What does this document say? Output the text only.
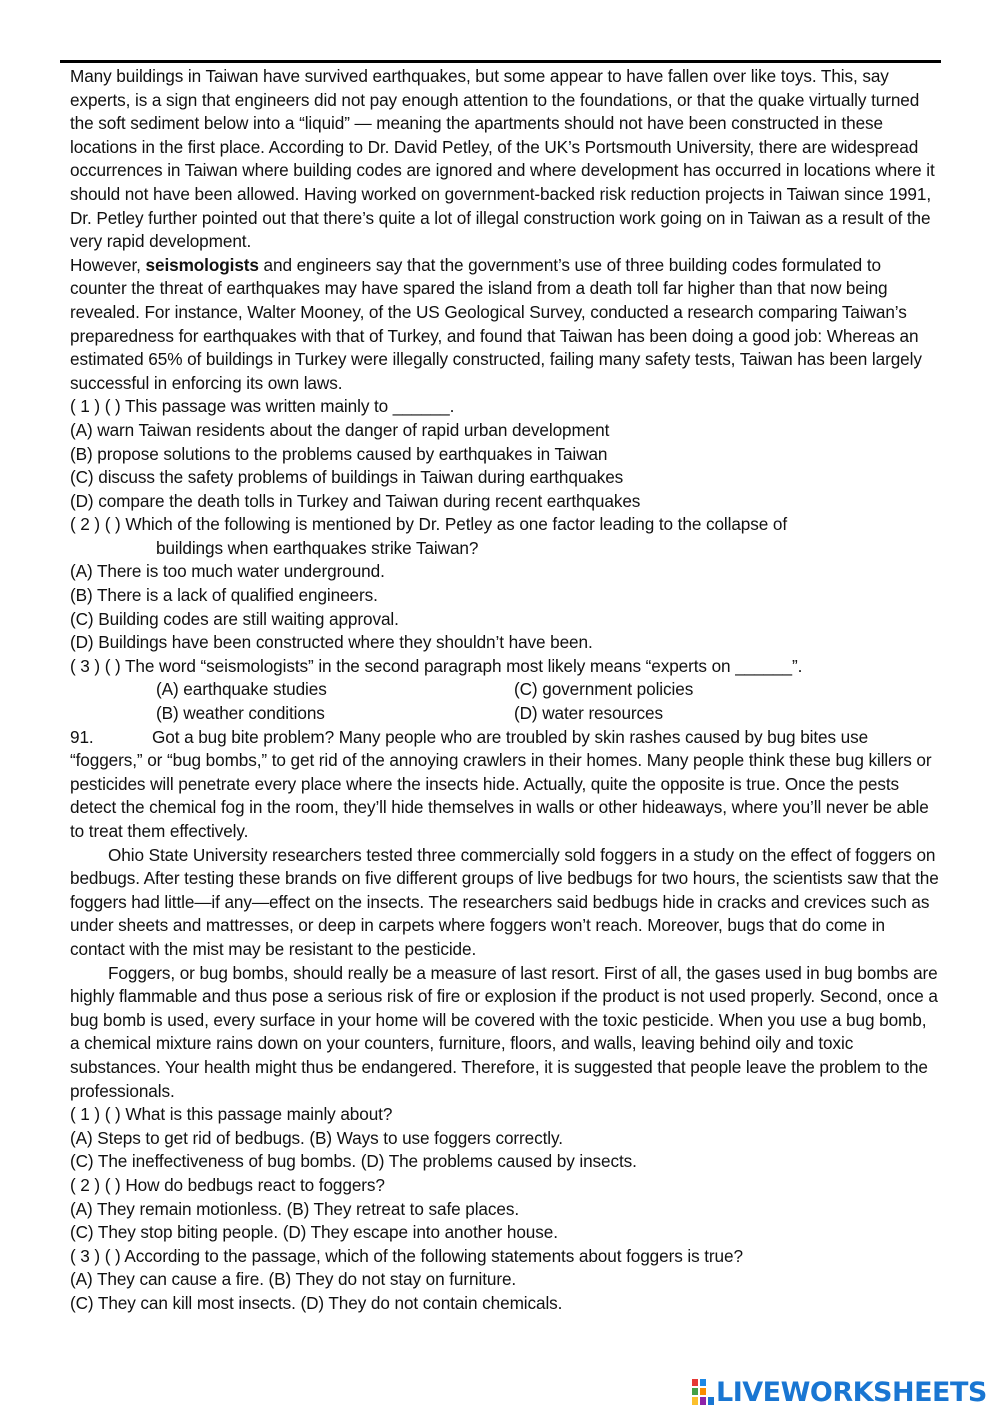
Many buildings in Taiwan have survived earthquakes, but some appear to have fallen over like toys. This, say experts, is a sign that engineers did not pay enough attention to the foundations, or that the quake virtually turned the soft sediment below into a “liquid” — meaning the apartments should not have been constructed in these locations in the first place. According to Dr. David Petley, of the UK’s Portsmouth University, there are widespread occurrences in Taiwan where building codes are ignored and where development has occurred in locations where it should not have been allowed. Having worked on government-backed risk reduction projects in Taiwan since 1991, Dr. Petley further pointed out that there’s quite a lot of illegal construction work going on in Taiwan as a result of the very rapid development.
However, seismologists and engineers say that the government’s use of three building codes formulated to counter the threat of earthquakes may have spared the island from a death toll far higher than that now being revealed. For instance, Walter Mooney, of the US Geological Survey, conducted a research comparing Taiwan’s preparedness for earthquakes with that of Turkey, and found that Taiwan has been doing a good job: Whereas an estimated 65% of buildings in Turkey were illegally constructed, failing many safety tests, Taiwan has been largely successful in enforcing its own laws.
( 1 ) ( ) This passage was written mainly to ______.
(A) warn Taiwan residents about the danger of rapid urban development
(B) propose solutions to the problems caused by earthquakes in Taiwan
(C) discuss the safety problems of buildings in Taiwan during earthquakes
(D) compare the death tolls in Turkey and Taiwan during recent earthquakes
( 2 ) ( ) Which of the following is mentioned by Dr. Petley as one factor leading to the collapse of
buildings when earthquakes strike Taiwan?
(A) There is too much water underground.
(B) There is a lack of qualified engineers.
(C) Building codes are still waiting approval.
(D) Buildings have been constructed where they shouldn’t have been.
( 3 ) ( ) The word “seismologists” in the second paragraph most likely means “experts on ______”.
(A) earthquake studies	(C) government policies
(B) weather conditions	(D) water resources
91.	Got a bug bite problem? Many people who are troubled by skin rashes caused by bug bites use “foggers,” or “bug bombs,” to get rid of the annoying crawlers in their homes. Many people think these bug killers or pesticides will penetrate every place where the insects hide. Actually, quite the opposite is true. Once the pests detect the chemical fog in the room, they’ll hide themselves in walls or other hideaways, where you’ll never be able to treat them effectively.
Ohio State University researchers tested three commercially sold foggers in a study on the effect of foggers on bedbugs. After testing these brands on five different groups of live bedbugs for two hours, the scientists saw that the foggers had little—if any—effect on the insects. The researchers said bedbugs hide in cracks and crevices such as under sheets and mattresses, or deep in carpets where foggers won’t reach. Moreover, bugs that do come in contact with the mist may be resistant to the pesticide.
Foggers, or bug bombs, should really be a measure of last resort. First of all, the gases used in bug bombs are highly flammable and thus pose a serious risk of fire or explosion if the product is not used properly. Second, once a bug bomb is used, every surface in your home will be covered with the toxic pesticide. When you use a bug bomb, a chemical mixture rains down on your counters, furniture, floors, and walls, leaving behind oily and toxic substances. Your health might thus be endangered. Therefore, it is suggested that people leave the problem to the professionals.
( 1 ) ( ) What is this passage mainly about?
(A) Steps to get rid of bedbugs. (B) Ways to use foggers correctly.
(C) The ineffectiveness of bug bombs. (D) The problems caused by insects.
( 2 ) ( ) How do bedbugs react to foggers?
(A) They remain motionless. (B) They retreat to safe places.
(C) They stop biting people. (D) They escape into another house.
( 3 ) ( ) According to the passage, which of the following statements about foggers is true?
(A) They can cause a fire. (B) They do not stay on furniture.
(C) They can kill most insects. (D) They do not contain chemicals.
LIVEWORKSHEETS
